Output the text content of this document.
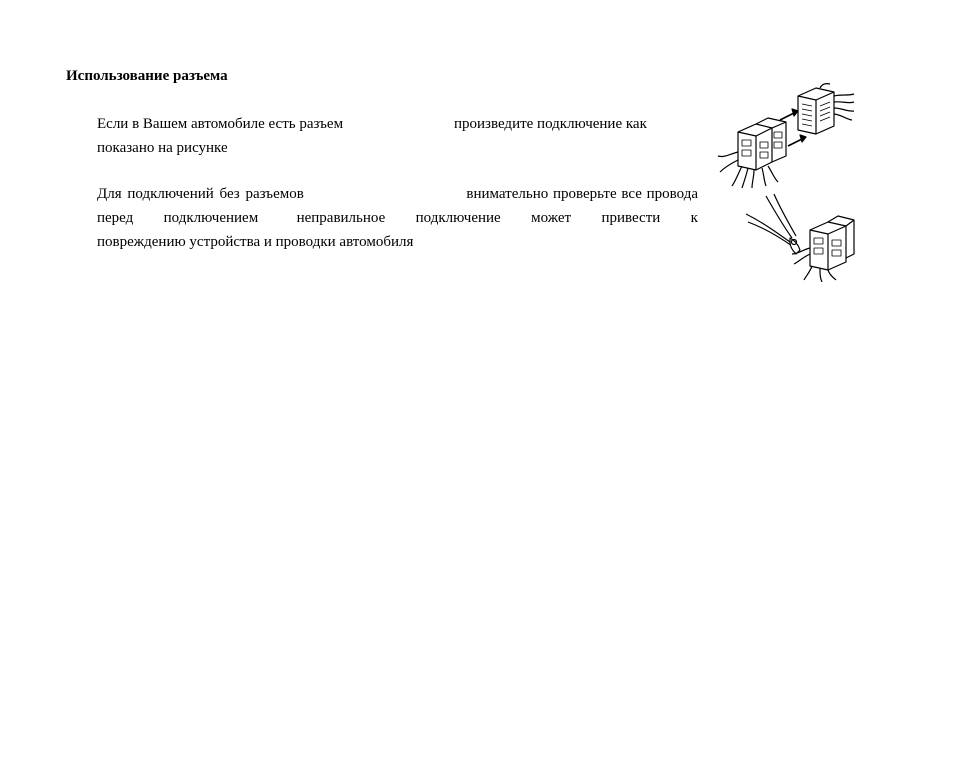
Использование разъема
Если в Вашем автомобиле есть разъем	произведите подключение как
показано на рисунке
Для подключений без разъемов	внимательно проверьте все провода
перед подключением	неправильное подключение может привести к
повреждению устройства и проводки автомобиля
